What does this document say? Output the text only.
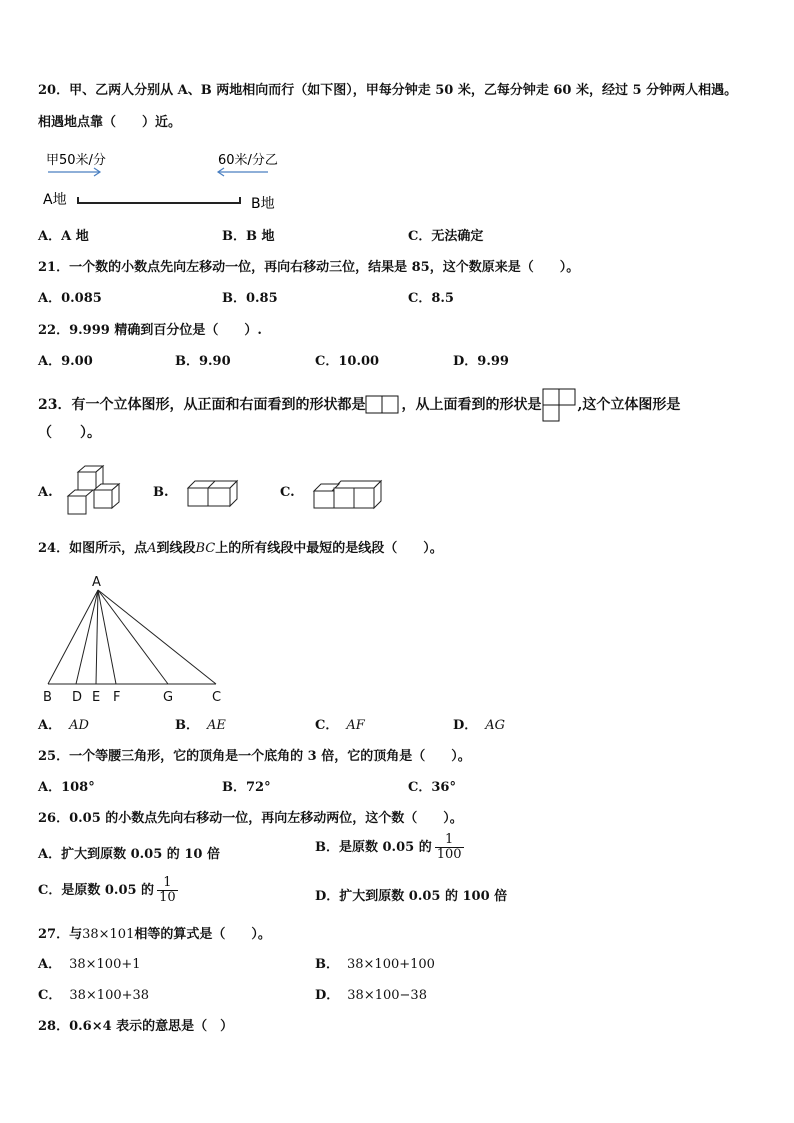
20．甲、乙两人分别从 A、B 两地相向而行（如下图），甲每分钟走 50 米，乙每分钟走 60 米，经过 5 分钟两人相遇。
相遇地点靠（　　）近。
甲50米/分	60米/分乙
A地	B地
A．A 地	B．B 地	C．无法确定
21．一个数的小数点先向左移动一位，再向右移动三位，结果是 85，这个数原来是（　　）。
A．0.085	B．0.85	C．8.5
22．9.999 精确到百分位是（　　）.
A．9.00	B．9.90	C．10.00	D．9.99
23．有一个立体图形，从正面和右面看到的形状都是	，从上面看到的形状是	,这个立体图形是
（　　）。
A.	B.	C.
24．如图所示，点A到线段BC上的所有线段中最短的是线段（　　）。
A
B D E F	G	C
A． AD	B． AE	C． AF	D． AG
25．一个等腰三角形，它的顶角是一个底角的 3 倍，它的顶角是（　　）。
A．108°	B．72°	C．36°
26．0.05 的小数点先向右移动一位，再向左移动两位，这个数（　　）。
A．扩大到原数 0.05 的 10 倍	B．是原数 0.05 的 $\frac{1}{100}$
C．是原数 0.05 的 $\frac{1}{10}$	D．扩大到原数 0.05 的 100 倍
27．与38×101相等的算式是（　　）。
A． 38×100+1	B． 38×100+100
C． 38×100+38	D． 38×100−38
28．0.6×4 表示的意思是（　）
